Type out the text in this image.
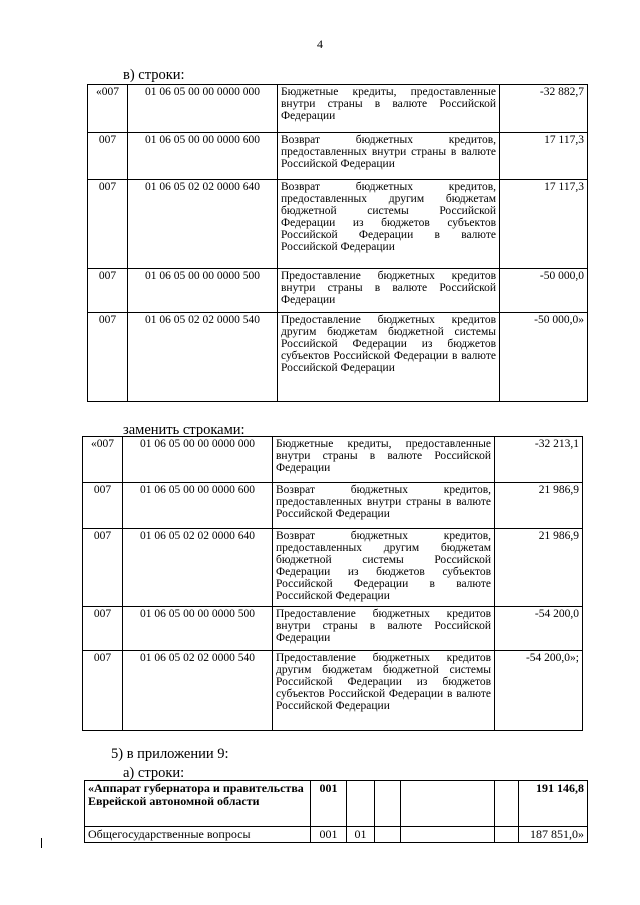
4
в) строки:
«007	01 06 05 00 00 0000 000	Бюджетные кредиты, предоставленные внутри страны в валюте Российской Федерации	-32 882,7
007	01 06 05 00 00 0000 600	Возврат бюджетных кредитов, предоставленных внутри страны в валюте Российской Федерации	17 117,3
007	01 06 05 02 02 0000 640	Возврат бюджетных кредитов, предоставленных другим бюджетам бюджетной системы Российской Федерации из бюджетов субъектов Российской Федерации в валюте Российской Федерации	17 117,3
007	01 06 05 00 00 0000 500	Предоставление бюджетных кредитов внутри страны в валюте Российской Федерации	-50 000,0
007	01 06 05 02 02 0000 540	Предоставление бюджетных кредитов другим бюджетам бюджетной системы Российской Федерации из бюджетов субъектов Российской Федерации в валюте Российской Федерации	-50 000,0»
заменить строками:
«007	01 06 05 00 00 0000 000	Бюджетные кредиты, предоставленные внутри страны в валюте Российской Федерации	-32 213,1
007	01 06 05 00 00 0000 600	Возврат бюджетных кредитов, предоставленных внутри страны в валюте Российской Федерации	21 986,9
007	01 06 05 02 02 0000 640	Возврат бюджетных кредитов, предоставленных другим бюджетам бюджетной системы Российской Федерации из бюджетов субъектов Российской Федерации в валюте Российской Федерации	21 986,9
007	01 06 05 00 00 0000 500	Предоставление бюджетных кредитов внутри страны в валюте Российской Федерации	-54 200,0
007	01 06 05 02 02 0000 540	Предоставление бюджетных кредитов другим бюджетам бюджетной системы Российской Федерации из бюджетов субъектов Российской Федерации в валюте Российской Федерации	-54 200,0»;
5) в приложении 9:
а) строки:
«Аппарат губернатора и правительства Еврейской автономной области	001					191 146,8
Общегосударственные вопросы	001	01				187 851,0»
